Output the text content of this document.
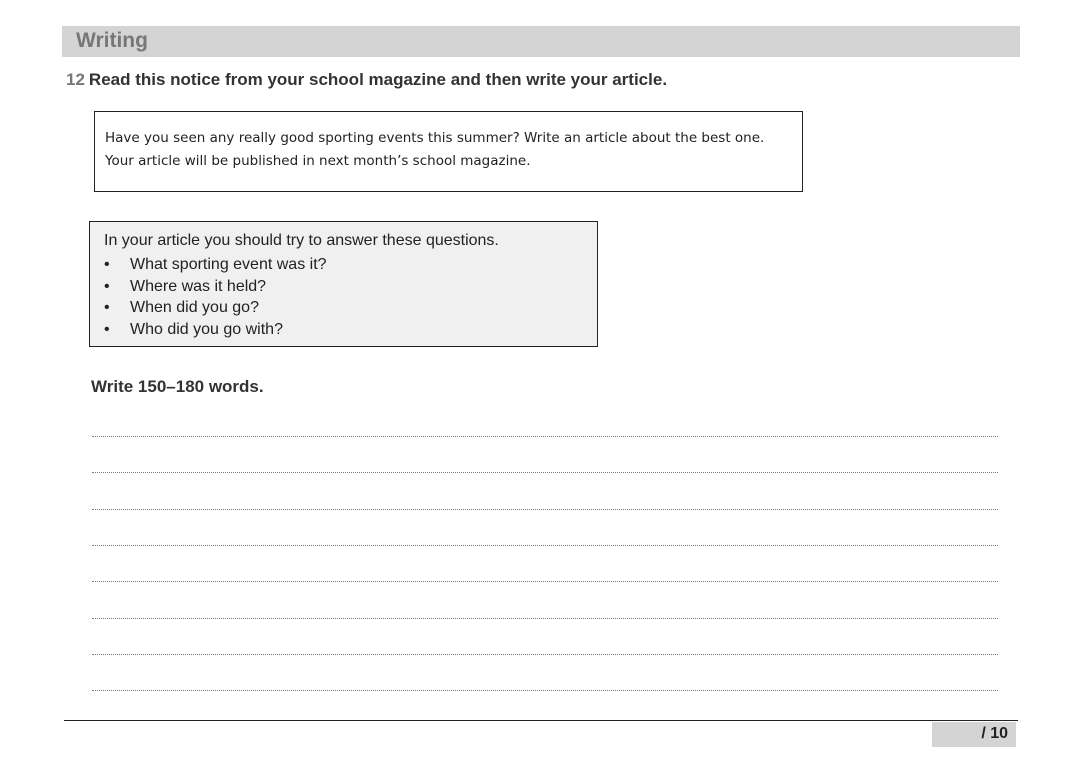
Writing
12 Read this notice from your school magazine and then write your article.
Have you seen any really good sporting events this summer? Write an article about the best one. Your article will be published in next month’s school magazine.
In your article you should try to answer these questions.
• What sporting event was it?
• Where was it held?
• When did you go?
• Who did you go with?
Write 150–180 words.
/ 10
